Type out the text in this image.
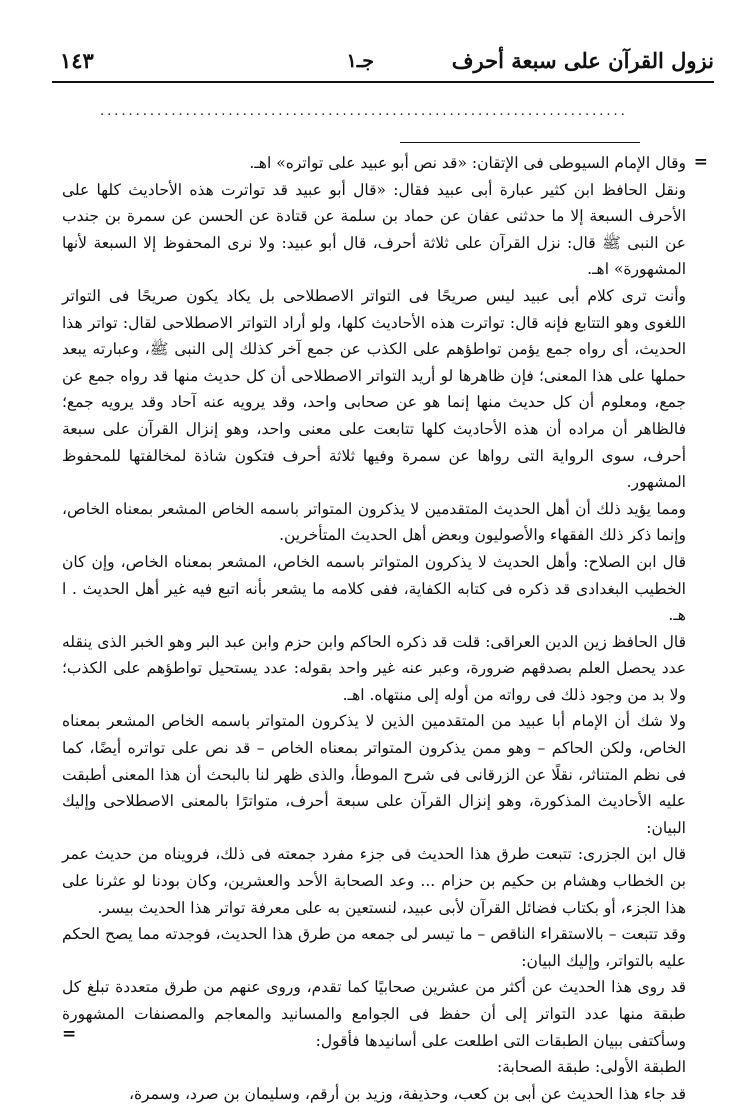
نزول القرآن على سبعة أحرف
جـ١
١٤٣
..........................................................................
=

وقال الإمام السيوطى فى الإتقان: «قد نص أبو عبيد على تواتره» اهـ.

ونقل الحافظ ابن كثير عبارة أبى عبيد فقال: «قال أبو عبيد قد تواترت هذه الأحاديث كلها على الأحرف السبعة إلا ما حدثنى عفان عن حماد بن سلمة عن قتادة عن الحسن عن سمرة بن جندب عن النبى ﷺ قال: نزل القرآن على ثلاثة أحرف، قال أبو عبيد: ولا نرى المحفوظ إلا السبعة لأنها المشهورة» اهـ.

وأنت ترى كلام أبى عبيد ليس صريحًا فى التواتر الاصطلاحى بل يكاد يكون صريحًا فى التواتر اللغوى وهو التتابع فإنه قال: تواترت هذه الأحاديث كلها، ولو أراد التواتر الاصطلاحى لقال: تواتر هذا الحديث، أى رواه جمع يؤمن تواطؤهم على الكذب عن جمع آخر كذلك إلى النبى ﷺ، وعبارته يبعد حملها على هذا المعنى؛ فإن ظاهرها لو أريد التواتر الاصطلاحى أن كل حديث منها قد رواه جمع عن جمع، ومعلوم أن كل حديث منها إنما هو عن صحابى واحد، وقد يرويه عنه آحاد وقد يرويه جمع؛ فالظاهر أن مراده أن هذه الأحاديث كلها تتابعت على معنى واحد، وهو إنزال القرآن على سبعة أحرف، سوى الرواية التى رواها عن سمرة وفيها ثلاثة أحرف فتكون شاذة لمخالفتها للمحفوظ المشهور.

ومما يؤيد ذلك أن أهل الحديث المتقدمين لا يذكرون المتواتر باسمه الخاص المشعر بمعناه الخاص، وإنما ذكر ذلك الفقهاء والأصوليون وبعض أهل الحديث المتأخرين.

قال ابن الصلاح: وأهل الحديث لا يذكرون المتواتر باسمه الخاص، المشعر بمعناه الخاص، وإن كان الخطيب البغدادى قد ذكره فى كتابه الكفاية، ففى كلامه ما يشعر بأنه اتبع فيه غير أهل الحديث . ا هـ.

قال الحافظ زين الدين العراقى: قلت قد ذكره الحاكم وابن حزم وابن عبد البر وهو الخبر الذى ينقله عدد يحصل العلم بصدقهم ضرورة، وعبر عنه غير واحد بقوله: عدد يستحيل تواطؤهم على الكذب؛ ولا بد من وجود ذلك فى رواته من أوله إلى منتهاه. اهـ.

ولا شك أن الإمام أبا عبيد من المتقدمين الذين لا يذكرون المتواتر باسمه الخاص المشعر بمعناه الخاص، ولكن الحاكم – وهو ممن يذكرون المتواتر بمعناه الخاص – قد نص على تواتره أيضًا، كما فى نظم المتناثر، نقلًا عن الزرقانى فى شرح الموطأ، والذى ظهر لنا بالبحث أن هذا المعنى أطبقت عليه الأحاديث المذكورة، وهو إنزال القرآن على سبعة أحرف، متواترًا بالمعنى الاصطلاحى وإليك البيان:

قال ابن الجزرى: تتبعت طرق هذا الحديث فى جزء مفرد جمعته فى ذلك، فرويناه من حديث عمر بن الخطاب وهشام بن حكيم بن حزام ... وعد الصحابة الأحد والعشرين، وكان بودنا لو عثرنا على هذا الجزء، أو بكتاب فضائل القرآن لأبى عبيد، لنستعين به على معرفة تواتر هذا الحديث بيسر.

وقد تتبعت – بالاستقراء الناقص – ما تيسر لى جمعه من طرق هذا الحديث، فوجدته مما يصح الحكم عليه بالتواتر، وإليك البيان:

قد روى هذا الحديث عن أكثر من عشرين صحابيًا كما تقدم، وروى عنهم من طرق متعددة تبلغ كل طبقة منها عدد التواتر إلى أن حفظ فى الجوامع والمسانيد والمعاجم والمصنفات المشهورة وسأكتفى ببيان الطبقات التى اطلعت على أسانيدها فأقول:

الطبقة الأولى: طبقة الصحابة:

قد جاء هذا الحديث عن أبى بن كعب، وحذيفة، وزيد بن أرقم، وسليمان بن صرد، وسمرة،

=
